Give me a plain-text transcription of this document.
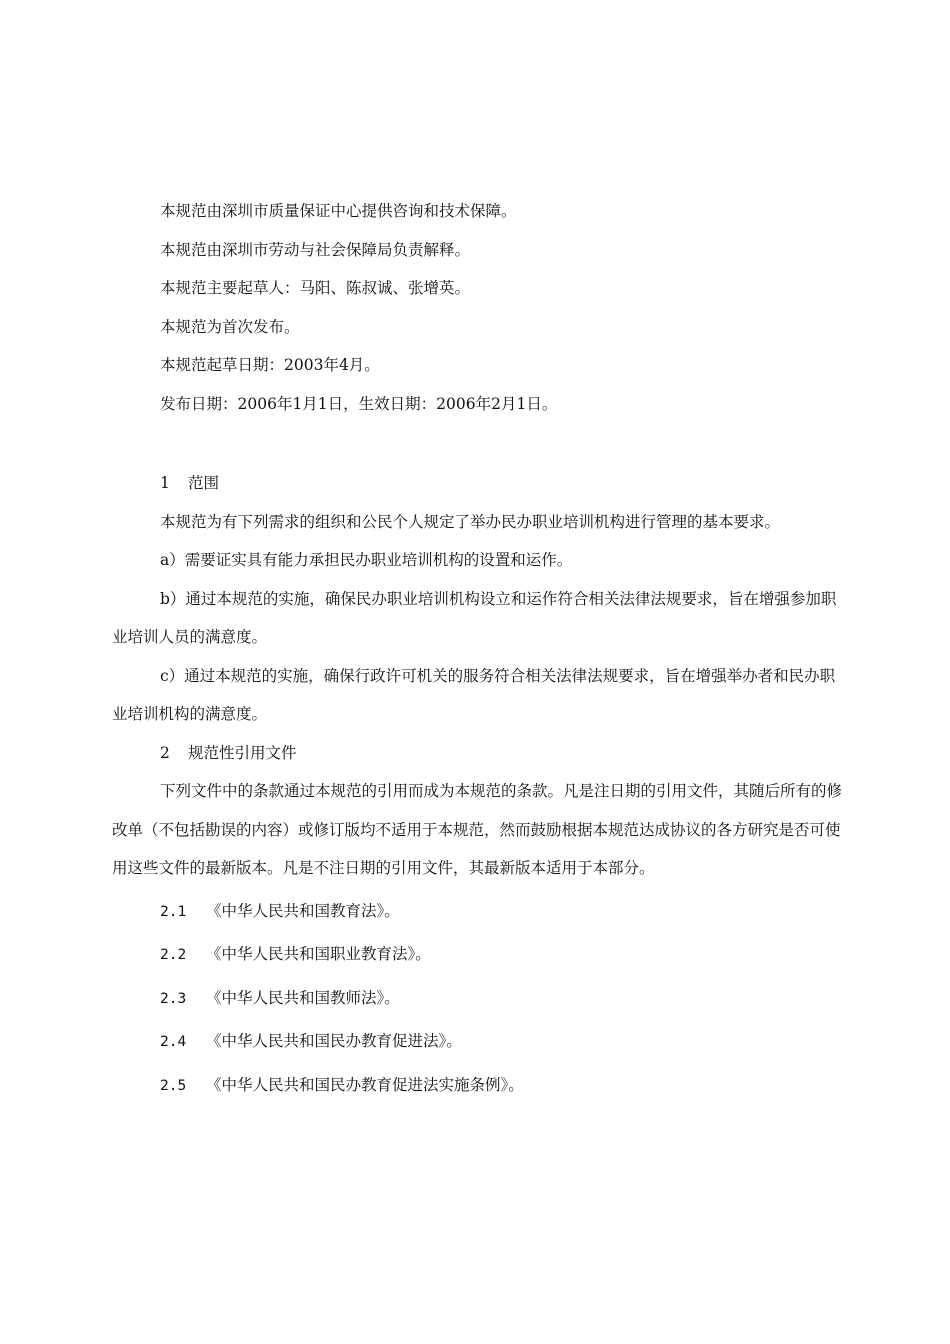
本规范由深圳市质量保证中心提供咨询和技术保障。

本规范由深圳市劳动与社会保障局负责解释。

本规范主要起草人：马阳、陈叔诚、张增英。

本规范为首次发布。

本规范起草日期：2003年4月。

发布日期：2006年1月1日，生效日期：2006年2月1日。

1 范围

本规范为有下列需求的组织和公民个人规定了举办民办职业培训机构进行管理的基本要求。

a）需要证实具有能力承担民办职业培训机构的设置和运作。

b）通过本规范的实施，确保民办职业培训机构设立和运作符合相关法律法规要求，旨在增强参加职业培训人员的满意度。

c）通过本规范的实施，确保行政许可机关的服务符合相关法律法规要求，旨在增强举办者和民办职业培训机构的满意度。

2 规范性引用文件

下列文件中的条款通过本规范的引用而成为本规范的条款。凡是注日期的引用文件，其随后所有的修改单（不包括勘误的内容）或修订版均不适用于本规范，然而鼓励根据本规范达成协议的各方研究是否可使用这些文件的最新版本。凡是不注日期的引用文件，其最新版本适用于本部分。

2.1 《中华人民共和国教育法》。

2.2 《中华人民共和国职业教育法》。

2.3 《中华人民共和国教师法》。

2.4 《中华人民共和国民办教育促进法》。

2.5 《中华人民共和国民办教育促进法实施条例》。
